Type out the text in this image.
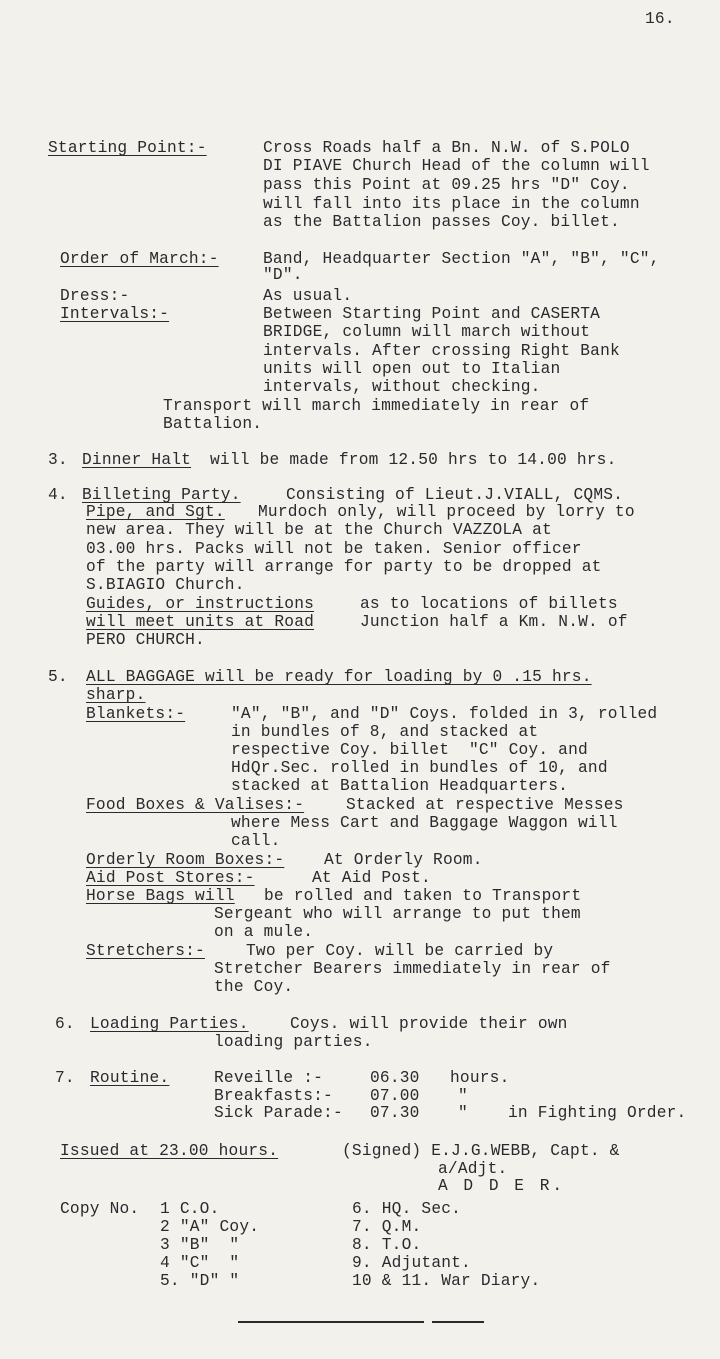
16.
Starting Point:-	Cross Roads half a Bn. N.W. of S.POLO
DI PIAVE Church Head of the column will
pass this Point at 09.25 hrs "D" Coy.
will fall into its place in the column
as the Battalion passes Coy. billet.
Order of March:-	Band, Headquarter Section "A", "B", "C",
"D".
Dress:-	As usual.
Intervals:-	Between Starting Point and CASERTA
BRIDGE, column will march without
intervals. After crossing Right Bank
units will open out to Italian
intervals, without checking.
Transport will march immediately in rear of
Battalion.
3. Dinner Halt will be made from 12.50 hrs to 14.00 hrs.
4. Billeting Party.	Consisting of Lieut.J.VIALL, CQMS.
Pipe, and Sgt. Murdoch only, will proceed by lorry to
new area. They will be at the Church VAZZOLA at
03.00 hrs. Packs will not be taken. Senior officer
of the party will arrange for party to be dropped at
S.BIAGIO Church.
Guides, or instructions	as to locations of billets
will meet units at Road	Junction half a Km. N.W. of
PERO CHURCH.
5. ALL BAGGAGE will be ready for loading by 0 .15 hrs.
sharp.
Blankets:-	"A", "B", and "D" Coys. folded in 3, rolled
in bundles of 8, and stacked at
respective Coy. billet  "C" Coy. and
HdQr.Sec. rolled in bundles of 10, and
stacked at Battalion Headquarters.
Food Boxes & Valises:-	Stacked at respective Messes
where Mess Cart and Baggage Waggon will
call.
Orderly Room Boxes:- At Orderly Room.
Aid Post Stores:-	At Aid Post.
Horse Bags will be rolled and taken to Transport
Sergeant who will arrange to put them
on a mule.
Stretchers:-	Two per Coy. will be carried by
Stretcher Bearers immediately in rear of
the Coy.
6. Loading Parties.	Coys. will provide their own
loading parties.
7. Routine.	Reveille :-	06.30 hours.
Breakfasts:- 07.00 "
Sick Parade:- 07.30 " in Fighting Order.
Issued at 23.00 hours.	(Signed) E.J.G.WEBB, Capt. &
a/Adjt.
A D D E R.
Copy No. 1 C.O.
2 "A" Coy.
3 "B"  "
4 "C"  "
5. "D" "
6. HQ. Sec.
7. Q.M.
8. T.O.
9. Adjutant.
10 & 11. War Diary.
